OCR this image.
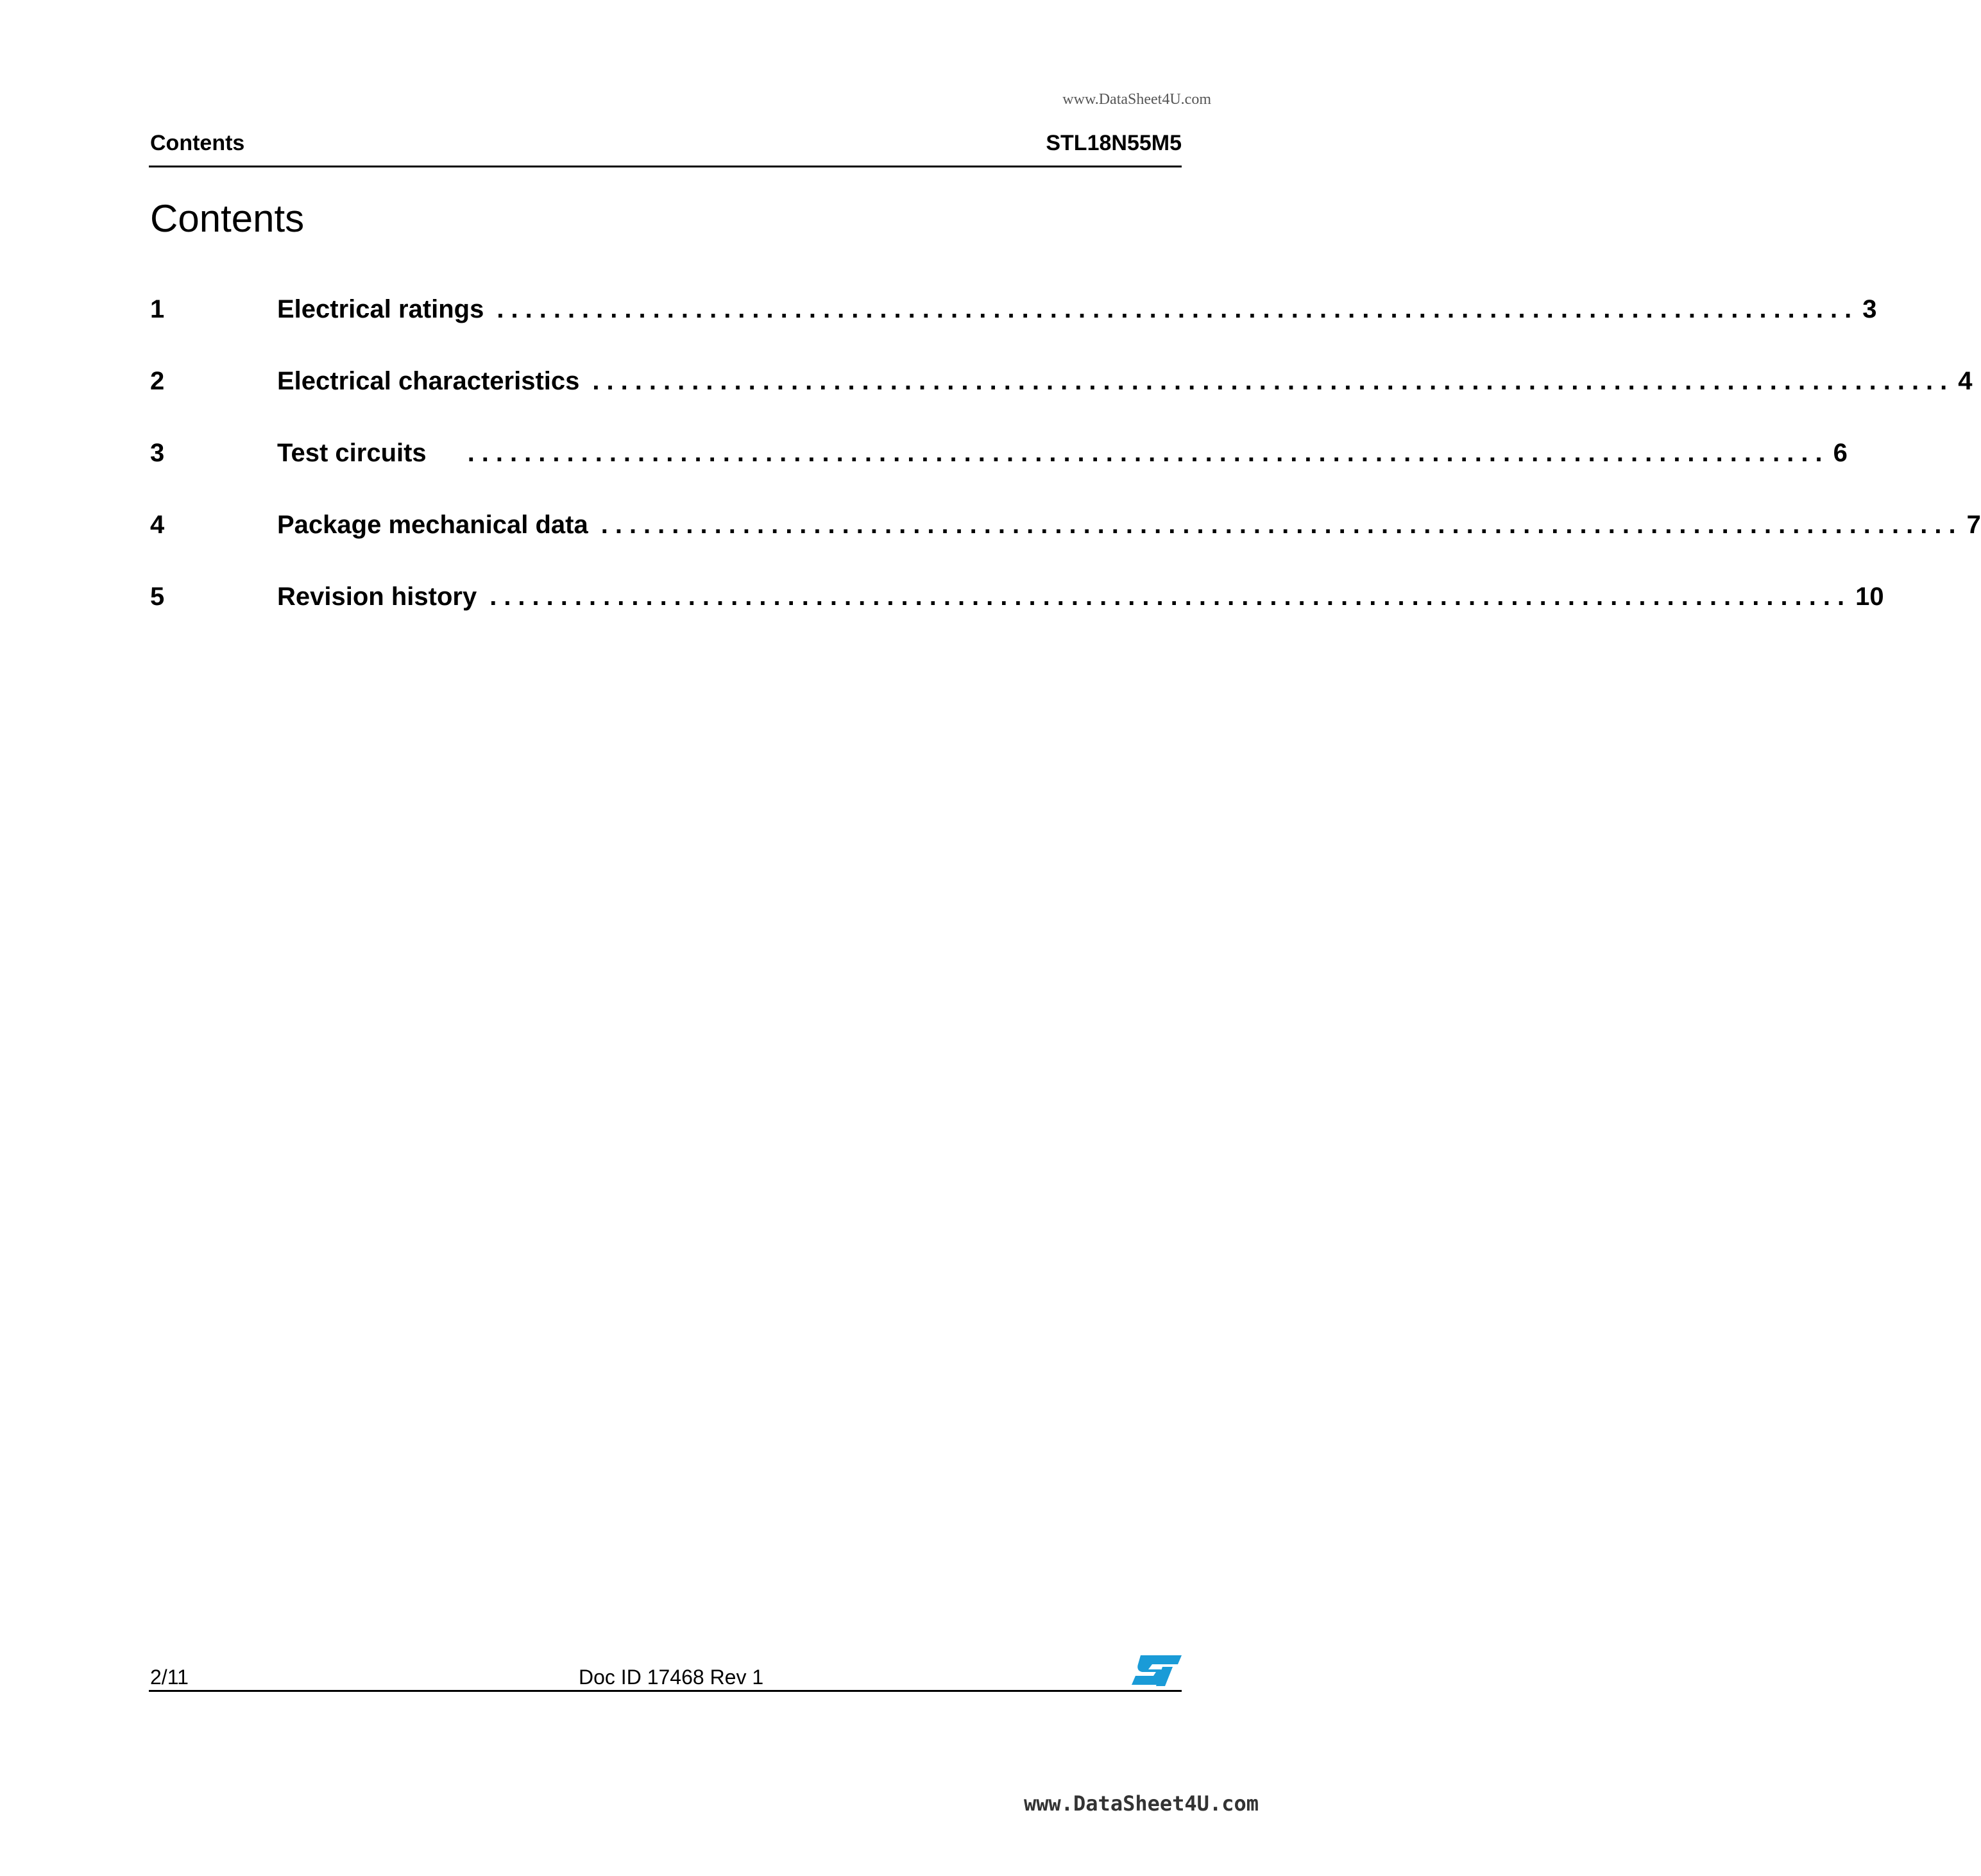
www.DataSheet4U.com
Contents	STL18N55M5
Contents
1	Electrical ratings ................................................................................................ 3
2	Electrical characteristics ................................................................................................ 4
3	Test circuits	................................................................................................ 6
4	Package mechanical data ................................................................................................ 7
5	Revision history ................................................................................................ 10
2/11	Doc ID 17468 Rev 1
www.DataSheet4U.com
